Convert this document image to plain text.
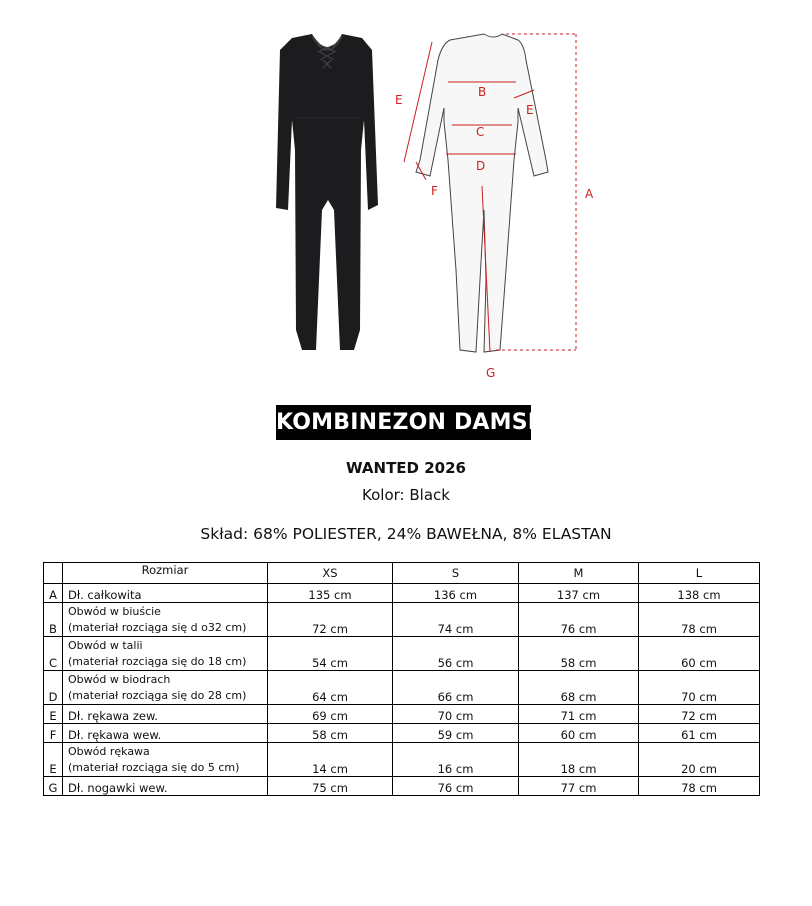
E
B
E
C
D
F	A
G
KOMBINEZON DAMSKI
WANTED 2026
Kolor: Black
Skład: 68% POLIESTER, 24% BAWEŁNA, 8% ELASTAN
	Rozmiar	XS	S	M	L
A	Dł. całkowita	135 cm	136 cm	137 cm	138 cm
B	Obwód w biuście
(materiał rozciąga się d o32 cm)	72 cm	74 cm	76 cm	78 cm
C	Obwód w talii
(materiał rozciąga się do 18 cm)	54 cm	56 cm	58 cm	60 cm
D	Obwód w biodrach
(materiał rozciąga się do 28 cm)	64 cm	66 cm	68 cm	70 cm
E	Dł. rękawa zew.	69 cm	70 cm	71 cm	72 cm
F	Dł. rękawa wew.	58 cm	59 cm	60 cm	61 cm
E	Obwód rękawa
(materiał rozciąga się do 5 cm)	14 cm	16 cm	18 cm	20 cm
G	Dł. nogawki wew.	75 cm	76 cm	77 cm	78 cm
